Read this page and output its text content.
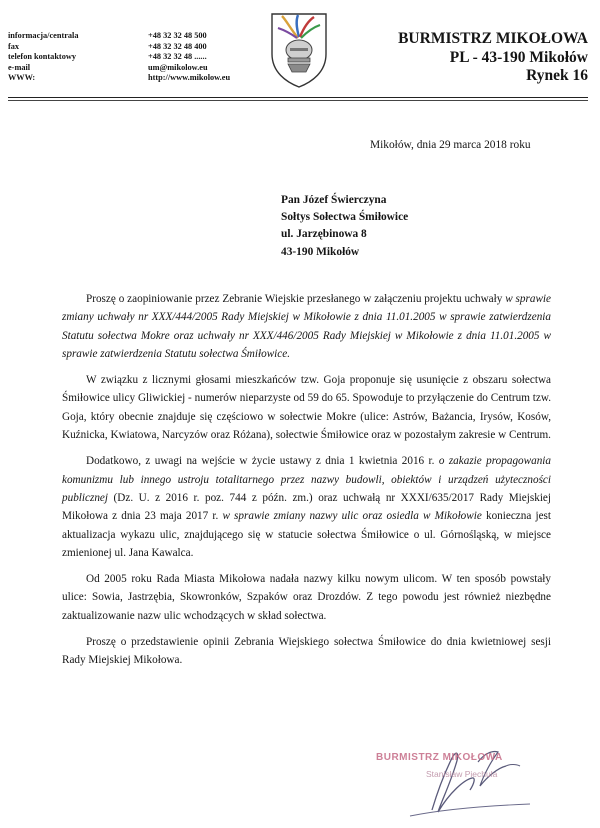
informacja/centrala
fax
telefon kontaktowy
e-mail
WWW:
+48 32 32 48 500
+48 32 32 48 400
+48 32 32 48 ......
um@mikolow.eu
http://www.mikolow.eu
BURMISTRZ MIKOŁOWA
PL - 43-190 Mikołów
Rynek 16
Mikołów, dnia 29 marca 2018 roku
Pan Józef Świerczyna
Sołtys Sołectwa Śmiłowice
ul. Jarzębinowa 8
43-190 Mikołów

Proszę o zaopiniowanie przez Zebranie Wiejskie przesłanego w załączeniu projektu uchwały w sprawie zmiany uchwały nr XXX/444/2005 Rady Miejskiej w Mikołowie z dnia 11.01.2005 w sprawie zatwierdzenia Statutu sołectwa Mokre oraz uchwały nr XXX/446/2005 Rady Miejskiej w Mikołowie z dnia 11.01.2005 w sprawie zatwierdzenia Statutu sołectwa Śmiłowice.

W związku z licznymi głosami mieszkańców tzw. Goja proponuje się usunięcie z obszaru sołectwa Śmiłowice ulicy Gliwickiej - numerów nieparzyste od 59 do 65. Spowoduje to przyłączenie do Centrum tzw. Goja, który obecnie znajduje się częściowo w sołectwie Mokre (ulice: Astrów, Bażancia, Irysów, Kosów, Kuźnicka, Kwiatowa, Narcyzów oraz Różana), sołectwie Śmiłowice oraz w pozostałym zakresie w Centrum.

Dodatkowo, z uwagi na wejście w życie ustawy z dnia 1 kwietnia 2016 r. o zakazie propagowania komunizmu lub innego ustroju totalitarnego przez nazwy budowli, obiektów i urządzeń użyteczności publicznej (Dz. U. z 2016 r. poz. 744 z późn. zm.) oraz uchwałą nr XXXI/635/2017 Rady Miejskiej Mikołowa z dnia 23 maja 2017 r. w sprawie zmiany nazwy ulic oraz osiedla w Mikołowie konieczna jest aktualizacja wykazu ulic, znajdującego się w statucie sołectwa Śmiłowice o ul. Górnośląską, w miejsce zmienionej ul. Jana Kawalca.

Od 2005 roku Rada Miasta Mikołowa nadała nazwy kilku nowym ulicom. W ten sposób powstały ulice: Sowia, Jastrzębia, Skowronków, Szpaków oraz Drozdów. Z tego powodu jest również niezbędne zaktualizowanie nazw ulic wchodzących w skład sołectwa.

Proszę o przedstawienie opinii Zebrania Wiejskiego sołectwa Śmiłowice do dnia kwietniowej sesji Rady Miejskiej Mikołowa.

BURMISTRZ MIKOŁOWA
Stanisław Piechula
